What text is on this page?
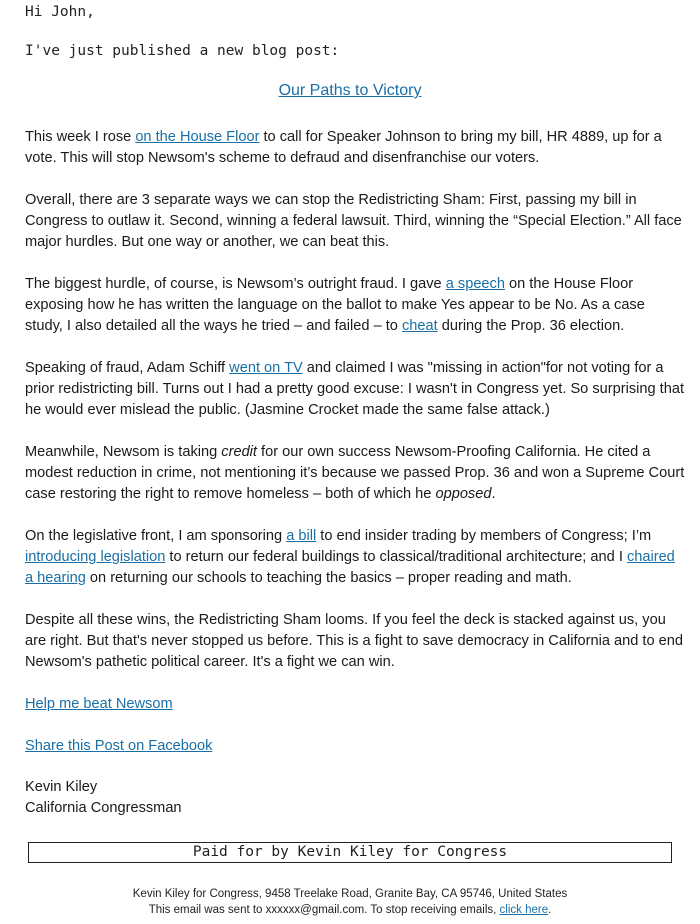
Hi John,
I've just published a new blog post:
Our Paths to Victory

This week I rose on the House Floor to call for Speaker Johnson to bring my bill, HR 4889, up for a vote. This will stop Newsom's scheme to defraud and disenfranchise our voters.

Overall, there are 3 separate ways we can stop the Redistricting Sham: First, passing my bill in Congress to outlaw it. Second, winning a federal lawsuit. Third, winning the “Special Election.” All face major hurdles. But one way or another, we can beat this.

The biggest hurdle, of course, is Newsom’s outright fraud. I gave a speech on the House Floor exposing how he has written the language on the ballot to make Yes appear to be No. As a case study, I also detailed all the ways he tried – and failed – to cheat during the Prop. 36 election.

Speaking of fraud, Adam Schiff went on TV and claimed I was "missing in action"for not voting for a prior redistricting bill. Turns out I had a pretty good excuse: I wasn't in Congress yet. So surprising that he would ever mislead the public. (Jasmine Crocket made the same false attack.)

Meanwhile, Newsom is taking credit for our own success Newsom-Proofing California. He cited a modest reduction in crime, not mentioning it’s because we passed Prop. 36 and won a Supreme Court case restoring the right to remove homeless – both of which he opposed.

On the legislative front, I am sponsoring a bill to end insider trading by members of Congress; I’m introducing legislation to return our federal buildings to classical/traditional architecture; and I chaired a hearing on returning our schools to teaching the basics – proper reading and math.

Despite all these wins, the Redistricting Sham looms. If you feel the deck is stacked against us, you are right. But that's never stopped us before. This is a fight to save democracy in California and to end Newsom's pathetic political career. It's a fight we can win.

Help me beat Newsom

Share this Post on Facebook

Kevin Kiley
California Congressman
Paid for by Kevin Kiley for Congress
Kevin Kiley for Congress, 9458 Treelake Road, Granite Bay, CA 95746, United States
This email was sent to xxxxxx@gmail.com. To stop receiving emails, click here.
